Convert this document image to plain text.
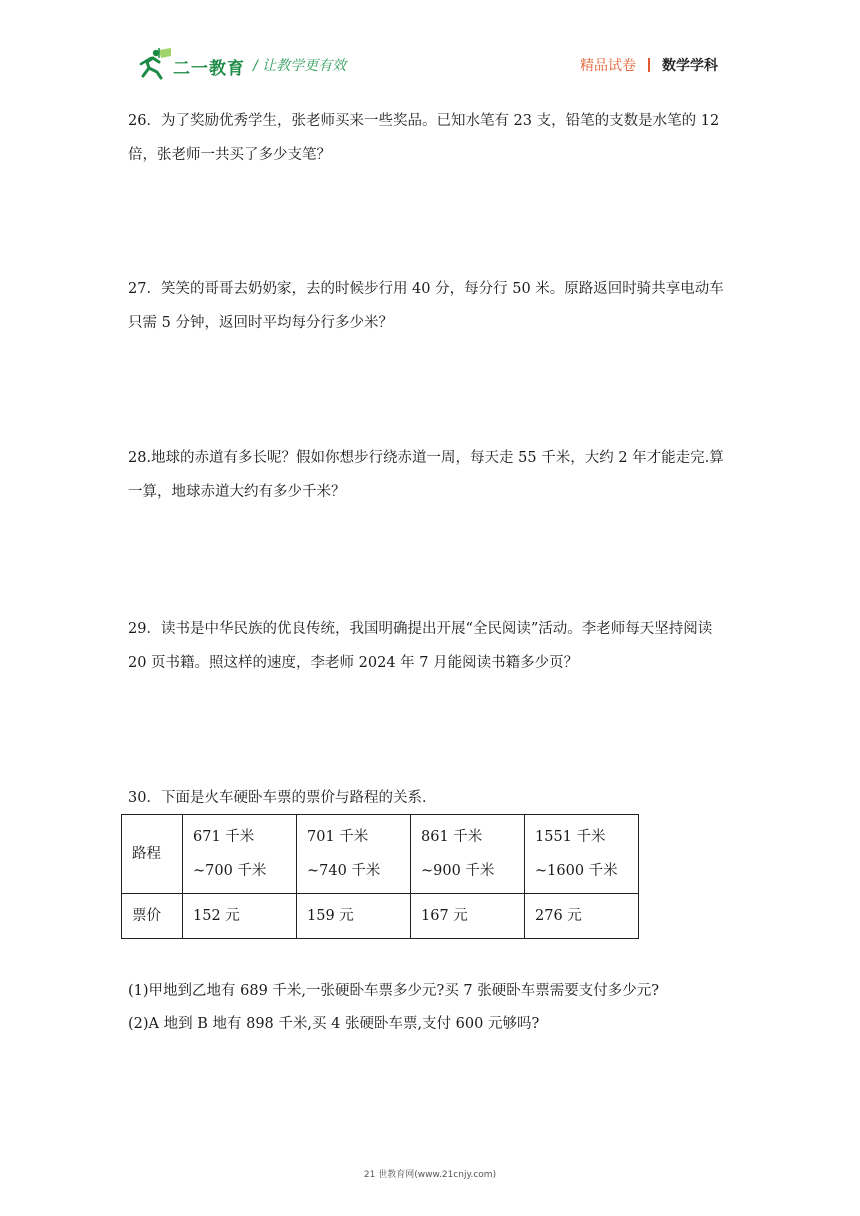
二一教育 / 让教学更有效	精品试卷 数学学科

26．为了奖励优秀学生，张老师买来一些奖品。已知水笔有 23 支，铅笔的支数是水笔的 12 倍，张老师一共买了多少支笔？

27．笑笑的哥哥去奶奶家，去的时候步行用 40 分，每分行 50 米。原路返回时骑共享电动车只需 5 分钟，返回时平均每分行多少米？

28.地球的赤道有多长呢？假如你想步行绕赤道一周，每天走 55 千米，大约 2 年才能走完.算一算，地球赤道大约有多少千米？

29．读书是中华民族的优良传统，我国明确提出开展“全民阅读”活动。李老师每天坚持阅读 20 页书籍。照这样的速度，李老师 2024 年 7 月能阅读书籍多少页？

30．下面是火车硬卧车票的票价与路程的关系．

路程	671 千米~700 千米	701 千米~740 千米	861 千米~900 千米	1551 千米 ~1600 千米
票价	152 元	159 元	167 元	276 元

(1)甲地到乙地有 689 千米,一张硬卧车票多少元?买 7 张硬卧车票需要支付多少元?

(2)A 地到 B 地有 898 千米,买 4 张硬卧车票,支付 600 元够吗?

21 世教育网(www.21cnjy.com)
